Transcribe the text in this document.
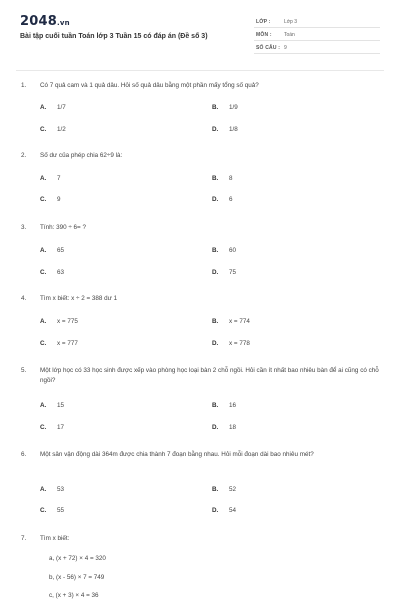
2048.vn
Bài tập cuối tuần Toán lớp 3 Tuần 15 có đáp án (Đề số 3)
LỚP :	Lớp 3
MÔN : Toán
SỐ CÂU : 9
1. Có 7 quả cam và 1 quả dâu. Hỏi số quả dâu bằng một phần mấy tổng số quả?
A. 1/7	B. 1/9
C. 1/2	D. 1/8
2. Số dư của phép chia 62÷9 là:
A. 7	B. 8
C. 9	D. 6
3. Tính: 390 ÷ 6= ?
A. 65	B. 60
C. 63	D. 75
4. Tìm x biết: x ÷ 2 = 388 dư 1
A. x = 775	B. x = 774
C. x = 777	D. x = 778
5. Một lớp học có 33 học sinh được xếp vào phòng học loại bàn 2 chỗ ngồi. Hỏi cần ít nhất bao nhiêu bàn để ai cũng có chỗ ngồi?
A. 15	B. 16
C. 17	D. 18
6. Một sân vận động dài 364m được chia thành 7 đoạn bằng nhau. Hỏi mỗi đoạn dài bao nhiêu mét?
A. 53	B. 52
C. 55	D. 54
7. Tìm x biết:
a, (x + 72) × 4 = 320
b, (x - 56) × 7 = 749
c, (x + 3) × 4 = 36
